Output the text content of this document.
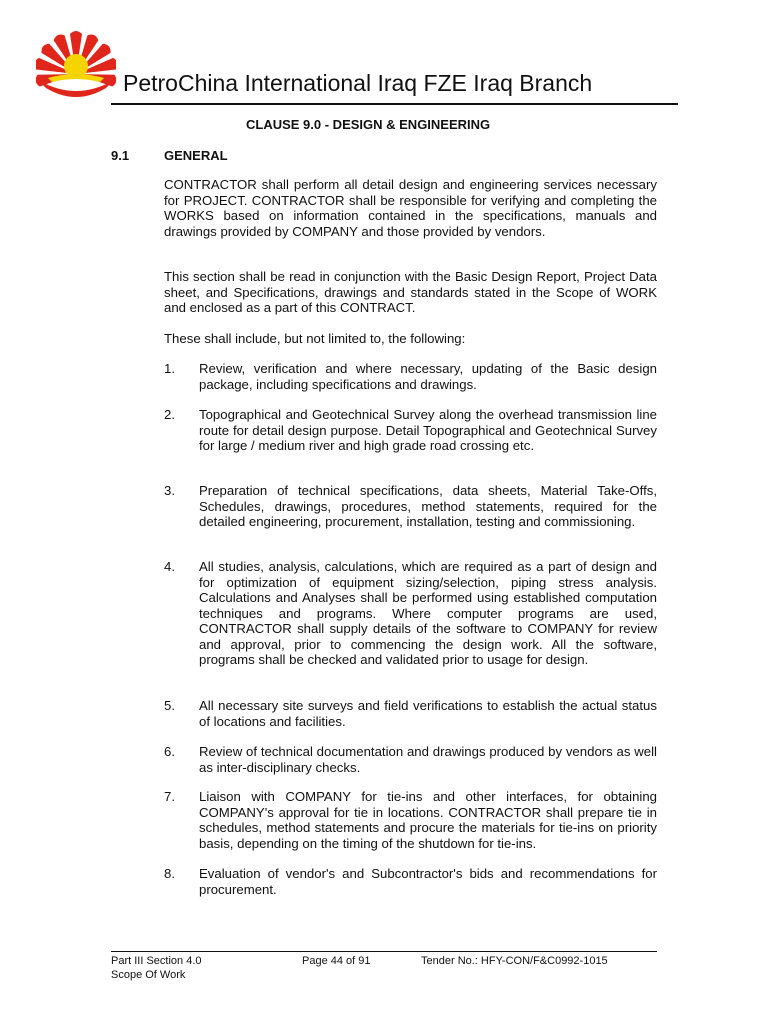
PetroChina International Iraq FZE Iraq Branch
CLAUSE 9.0 - DESIGN & ENGINEERING
9.1	GENERAL

CONTRACTOR shall perform all detail design and engineering services necessary for PROJECT. CONTRACTOR shall be responsible for verifying and completing the WORKS based on information contained in the specifications, manuals and drawings provided by COMPANY and those provided by vendors.

This section shall be read in conjunction with the Basic Design Report, Project Data sheet, and Specifications, drawings and standards stated in the Scope of WORK and enclosed as a part of this CONTRACT.

These shall include, but not limited to, the following:

1.	Review, verification and where necessary, updating of the Basic design package, including specifications and drawings.

2.	Topographical and Geotechnical Survey along the overhead transmission line route for detail design purpose. Detail Topographical and Geotechnical Survey for large / medium river and high grade road crossing etc.

3.	Preparation of technical specifications, data sheets, Material Take-Offs, Schedules, drawings, procedures, method statements, required for the detailed engineering, procurement, installation, testing and commissioning.

4.	All studies, analysis, calculations, which are required as a part of design and for optimization of equipment sizing/selection, piping stress analysis. Calculations and Analyses shall be performed using established computation techniques and programs. Where computer programs are used, CONTRACTOR shall supply details of the software to COMPANY for review and approval, prior to commencing the design work. All the software, programs shall be checked and validated prior to usage for design.

5.	All necessary site surveys and field verifications to establish the actual status of locations and facilities.

6.	Review of technical documentation and drawings produced by vendors as well as inter-disciplinary checks.

7.	Liaison with COMPANY for tie-ins and other interfaces, for obtaining COMPANY's approval for tie in locations. CONTRACTOR shall prepare tie in schedules, method statements and procure the materials for tie-ins on priority basis, depending on the timing of the shutdown for tie-ins.

8.	Evaluation of vendor's and Subcontractor's bids and recommendations for procurement.

Part III Section 4.0
Scope Of Work
Page 44 of 91	Tender No.: HFY-CON/F&C0992-1015
